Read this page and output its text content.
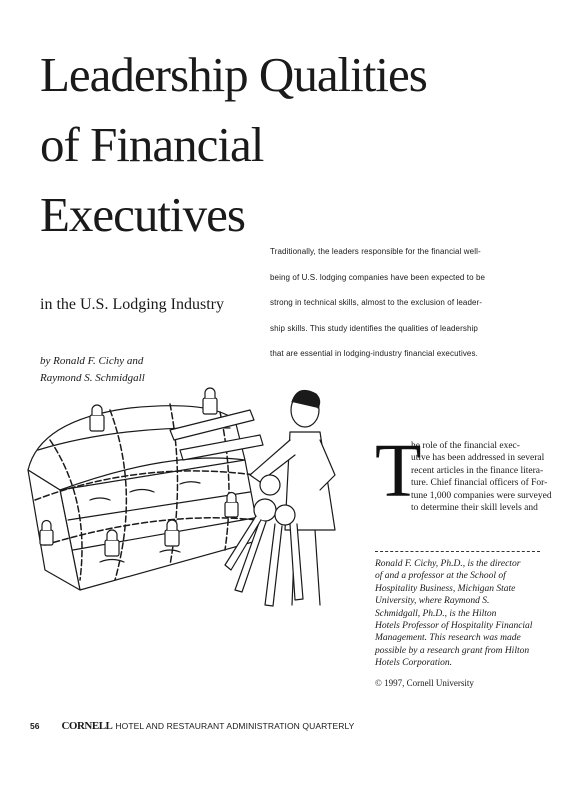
Leadership Qualities
of Financial
Executives
in the U.S. Lodging Industry
by Ronald F. Cichy and
Raymond S. Schmidgall
Traditionally, the leaders responsible for the financial well-
being of U.S. lodging companies have been expected to be
strong in technical skills, almost to the exclusion of leader-
ship skills. This study identifies the qualities of leadership
that are essential in lodging-industry financial executives.
T

he role of the financial exec-
utive has been addressed in several
recent articles in the finance litera-
ture. Chief financial officers of For-
tune 1,000 companies were surveyed
to determine their skill levels and

Ronald F. Cichy, Ph.D., is the director
of and a professor at the School of
Hospitality Business, Michigan State
University, where Raymond S.
Schmidgall, Ph.D., is the Hilton
Hotels Professor of Hospitality Financial
Management. This research was made
possible by a research grant from Hilton
Hotels Corporation.
© 1997, Cornell University
56 CORNELL HOTEL AND RESTAURANT ADMINISTRATION QUARTERLY
